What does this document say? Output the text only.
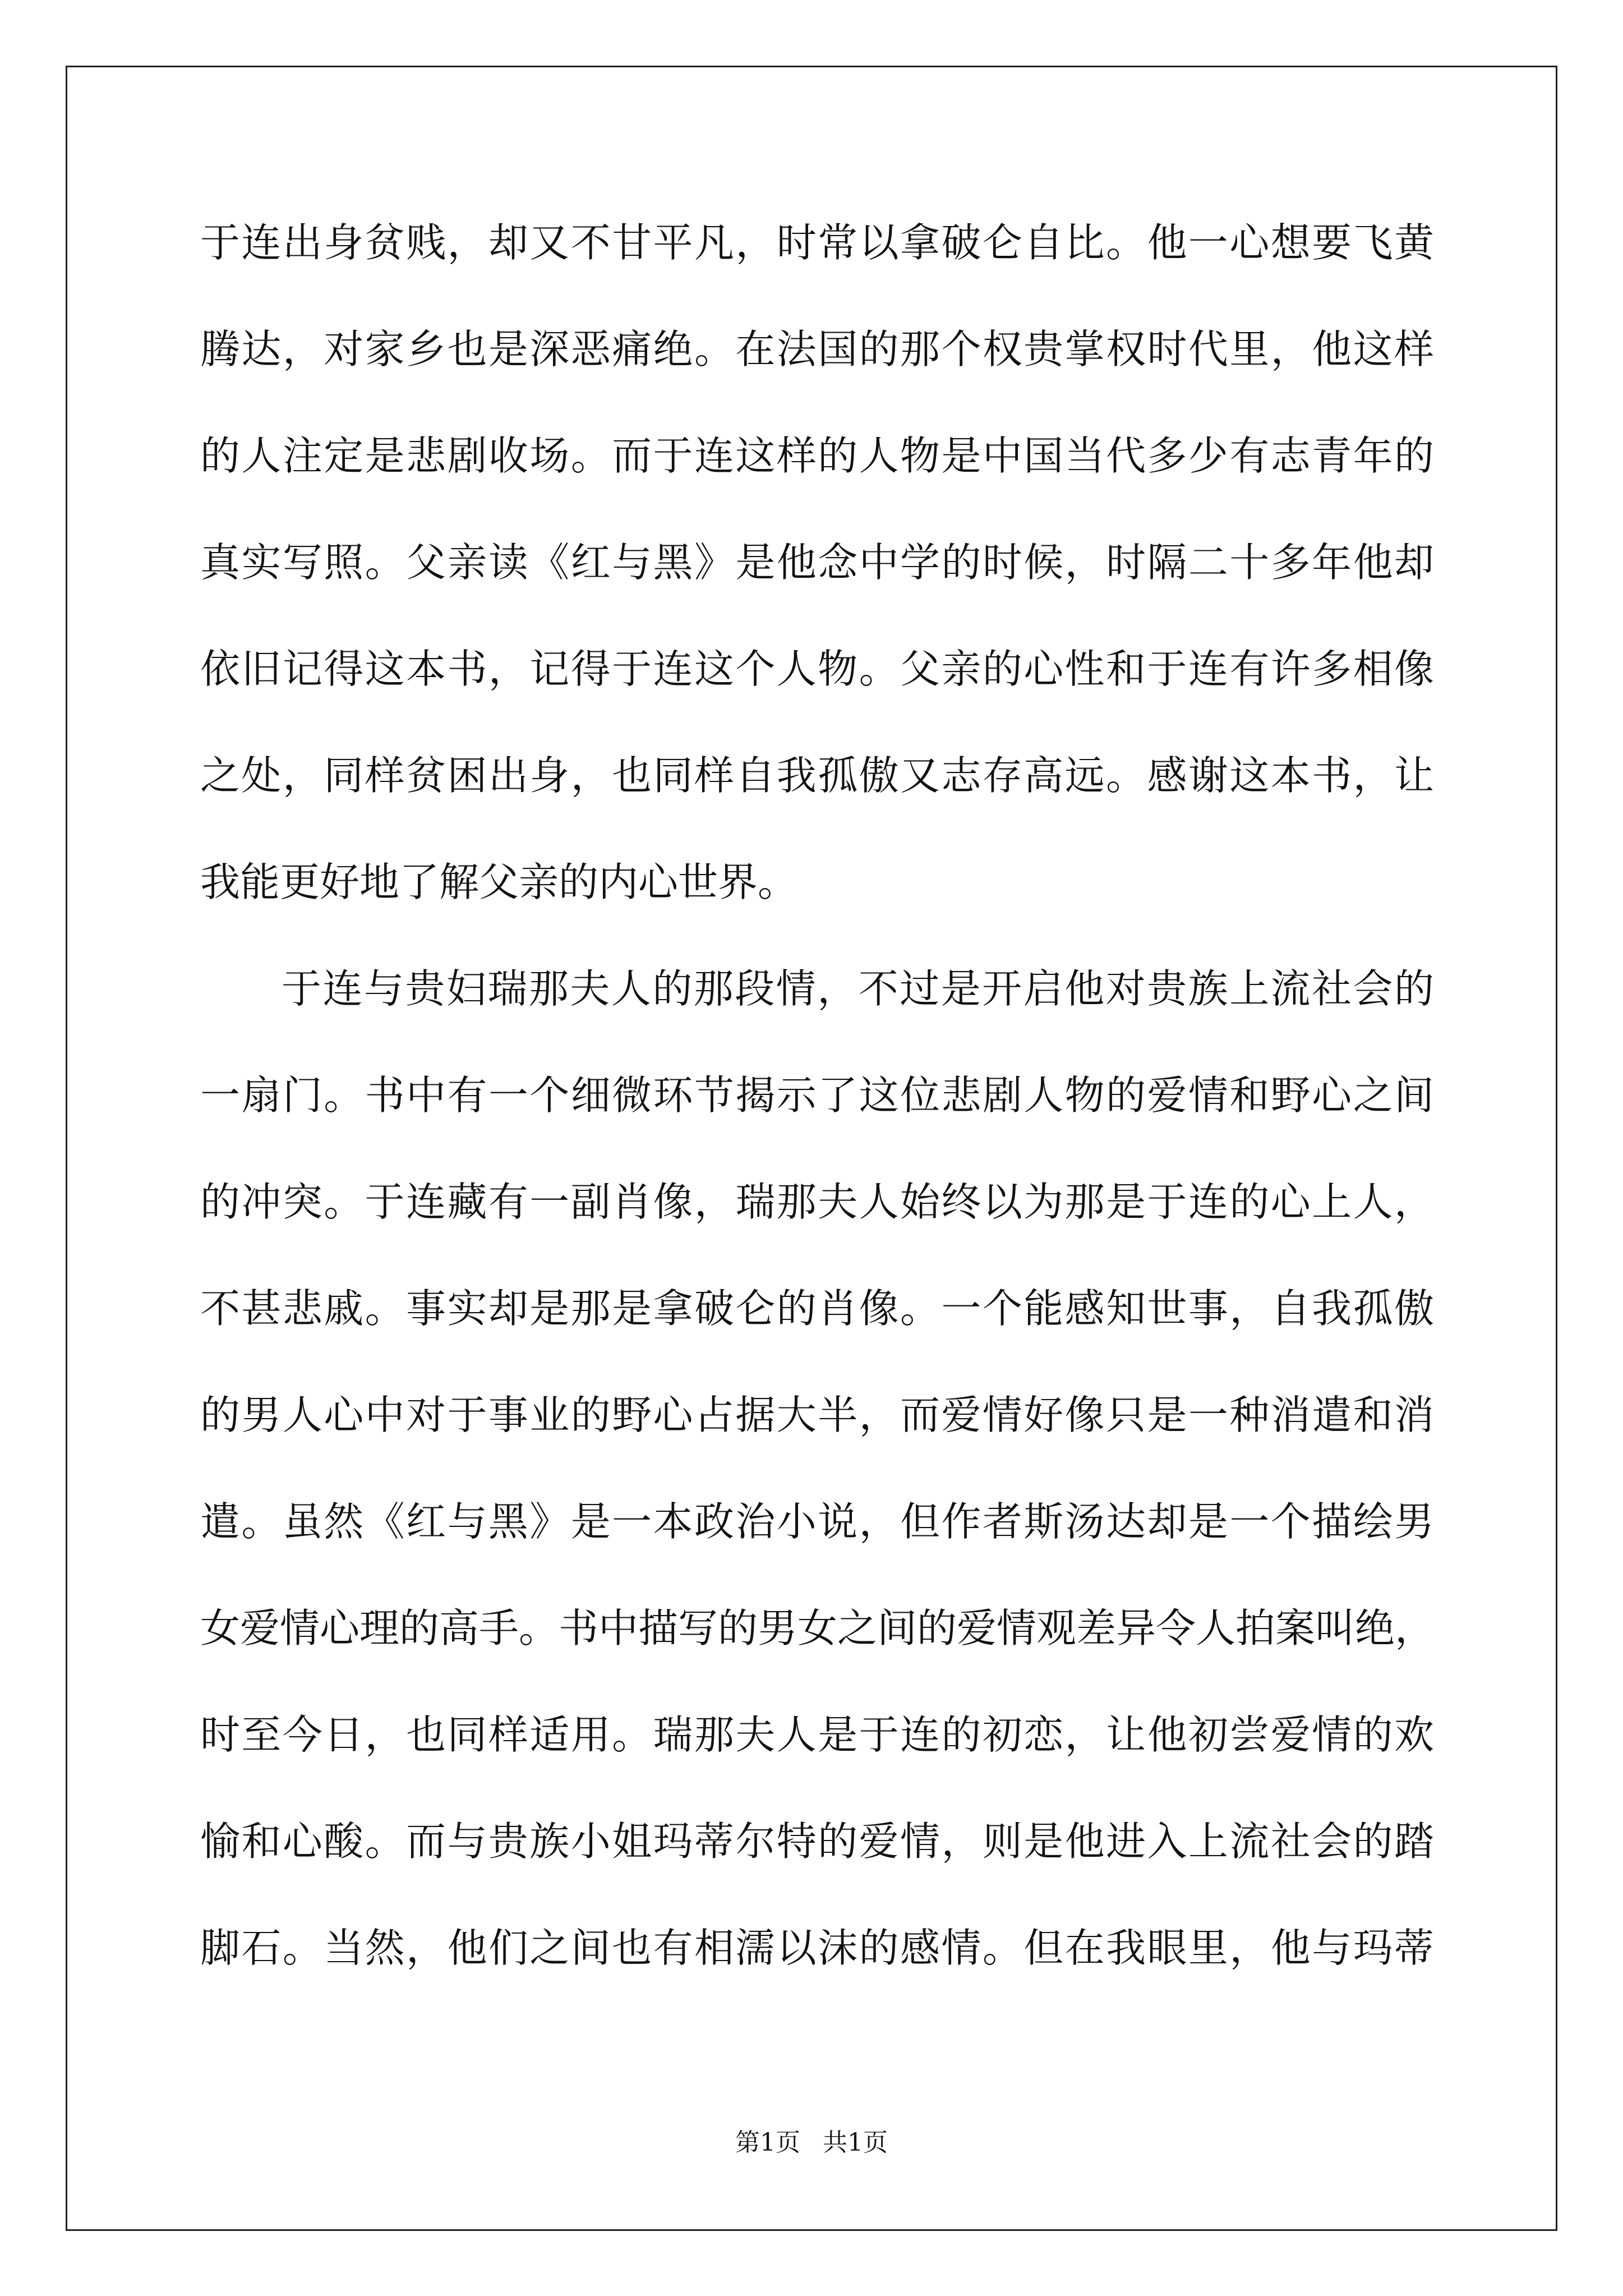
于连出身贫贱，却又不甘平凡，时常以拿破仑自比。他一心想要飞黄
腾达，对家乡也是深恶痛绝。在法国的那个权贵掌权时代里，他这样
的人注定是悲剧收场。而于连这样的人物是中国当代多少有志青年的
真实写照。父亲读《红与黑》是他念中学的时候，时隔二十多年他却
依旧记得这本书，记得于连这个人物。父亲的心性和于连有许多相像
之处，同样贫困出身，也同样自我孤傲又志存高远。感谢这本书，让
我能更好地了解父亲的内心世界。
于连与贵妇瑞那夫人的那段情，不过是开启他对贵族上流社会的
一扇门。书中有一个细微环节揭示了这位悲剧人物的爱情和野心之间
的冲突。于连藏有一副肖像，瑞那夫人始终以为那是于连的心上人，
不甚悲戚。事实却是那是拿破仑的肖像。一个能感知世事，自我孤傲
的男人心中对于事业的野心占据大半，而爱情好像只是一种消遣和消
遣。虽然《红与黑》是一本政治小说，但作者斯汤达却是一个描绘男
女爱情心理的高手。书中描写的男女之间的爱情观差异令人拍案叫绝，
时至今日，也同样适用。瑞那夫人是于连的初恋，让他初尝爱情的欢
愉和心酸。而与贵族小姐玛蒂尔特的爱情，则是他进入上流社会的踏
脚石。当然，他们之间也有相濡以沫的感情。但在我眼里，他与玛蒂
第1页 共1页
